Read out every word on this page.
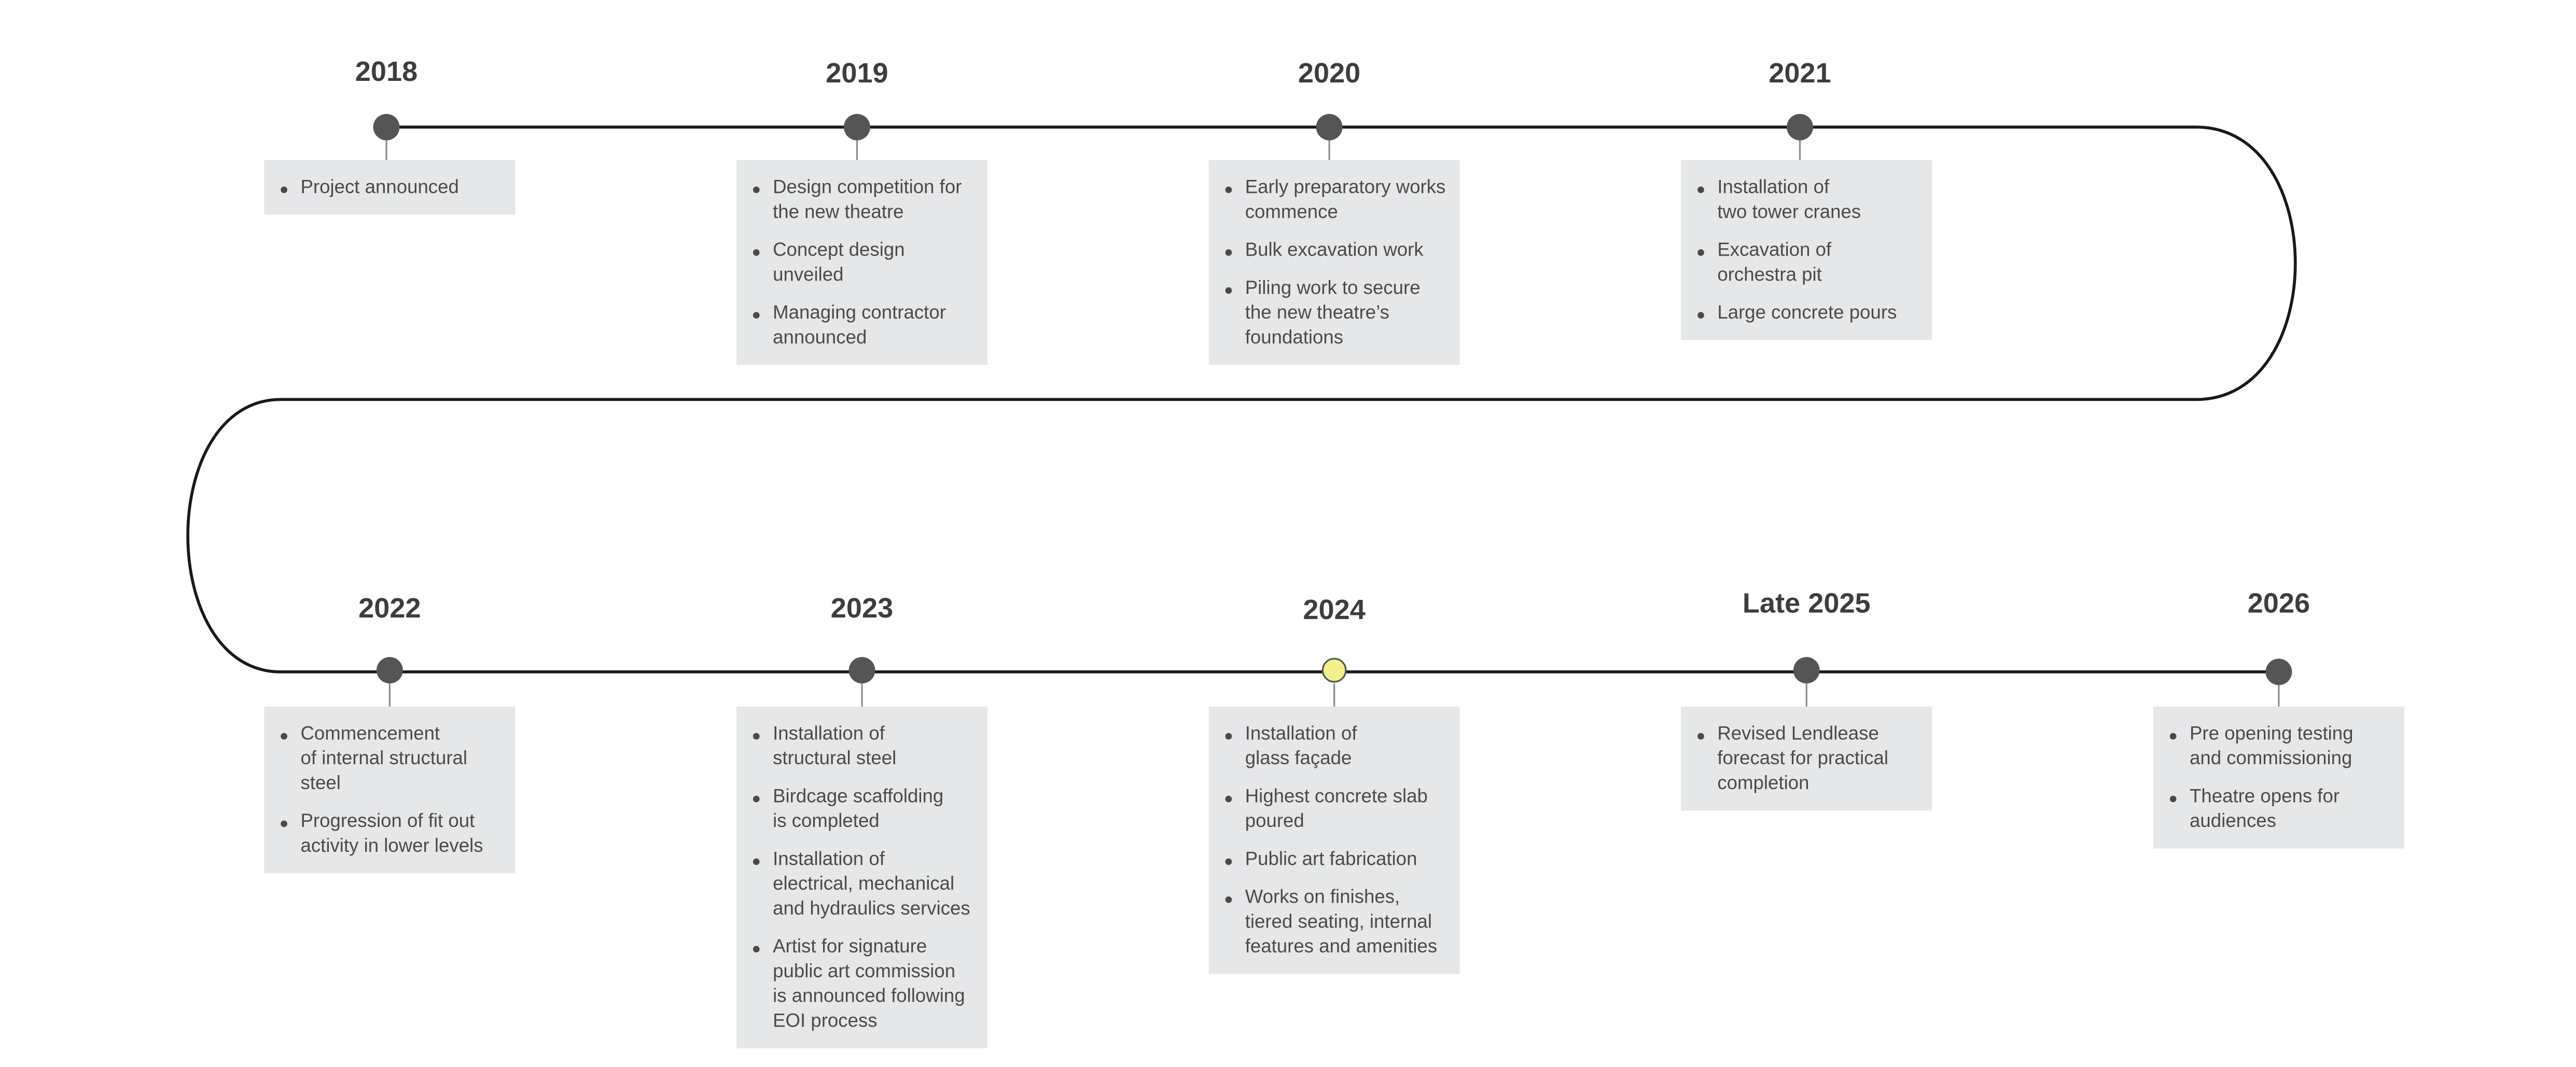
2018
Project announced
2019
Design competition for
the new theatre
Concept design
unveiled
Managing contractor
announced
2020
Early preparatory works
commence
Bulk excavation work
Piling work to secure
the new theatre’s
foundations
2021
Installation of
two tower cranes
Excavation of
orchestra pit
Large concrete pours
2022
Commencement
of internal structural
steel
Progression of fit out
activity in lower levels
2023
Installation of
structural steel
Birdcage scaffolding
is completed
Installation of
electrical, mechanical
and hydraulics services
Artist for signature
public art commission
is announced following
EOI process
2024
Installation of
glass façade
Highest concrete slab
poured
Public art fabrication
Works on finishes,
tiered seating, internal
features and amenities
Late 2025
Revised Lendlease
forecast for practical
completion
2026
Pre opening testing
and commissioning
Theatre opens for
audiences
